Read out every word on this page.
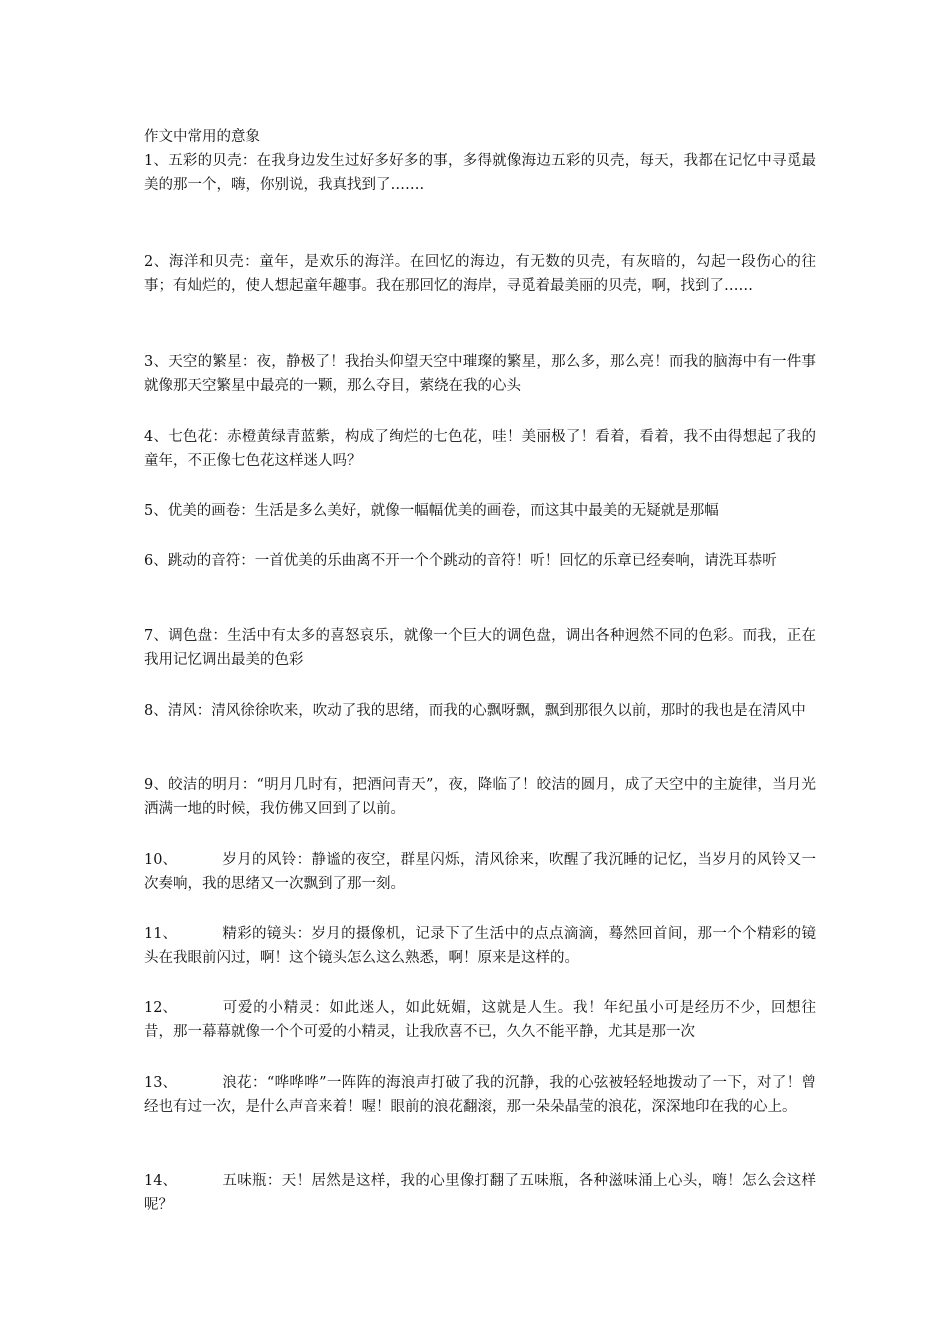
作文中常用的意象

1、五彩的贝壳：在我身边发生过好多好多的事，多得就像海边五彩的贝壳，每天，我都在记忆中寻觅最美的那一个，嗨，你别说，我真找到了…….

2、海洋和贝壳：童年，是欢乐的海洋。在回忆的海边，有无数的贝壳，有灰暗的，勾起一段伤心的往事；有灿烂的，使人想起童年趣事。我在那回忆的海岸，寻觅着最美丽的贝壳，啊，找到了……

3、天空的繁星：夜，静极了！我抬头仰望天空中璀璨的繁星，那么多，那么亮！而我的脑海中有一件事就像那天空繁星中最亮的一颗，那么夺目，萦绕在我的心头

4、七色花：赤橙黄绿青蓝紫，构成了绚烂的七色花，哇！美丽极了！看着，看着，我不由得想起了我的童年，不正像七色花这样迷人吗？

5、优美的画卷：生活是多么美好，就像一幅幅优美的画卷，而这其中最美的无疑就是那幅

6、跳动的音符：一首优美的乐曲离不开一个个跳动的音符！听！回忆的乐章已经奏响，请洗耳恭听

7、调色盘：生活中有太多的喜怒哀乐，就像一个巨大的调色盘，调出各种迥然不同的色彩。而我，正在我用记忆调出最美的色彩

8、清风：清风徐徐吹来，吹动了我的思绪，而我的心飘呀飘，飘到那很久以前，那时的我也是在清风中

9、皎洁的明月：“明月几时有，把酒问青天”，夜，降临了！皎洁的圆月，成了天空中的主旋律，当月光洒满一地的时候，我仿佛又回到了以前。

10、	岁月的风铃：静谧的夜空，群星闪烁，清风徐来，吹醒了我沉睡的记忆，当岁月的风铃又一次奏响，我的思绪又一次飘到了那一刻。

11、	精彩的镜头：岁月的摄像机，记录下了生活中的点点滴滴，蓦然回首间，那一个个精彩的镜头在我眼前闪过，啊！这个镜头怎么这么熟悉，啊！原来是这样的。

12、	可爱的小精灵：如此迷人，如此妩媚，这就是人生。我！年纪虽小可是经历不少，回想往昔，那一幕幕就像一个个可爱的小精灵，让我欣喜不已，久久不能平静，尤其是那一次

13、	浪花：“哗哗哗”一阵阵的海浪声打破了我的沉静，我的心弦被轻轻地拨动了一下，对了！曾经也有过一次，是什么声音来着！喔！眼前的浪花翻滚，那一朵朵晶莹的浪花，深深地印在我的心上。

14、	五味瓶：天！居然是这样，我的心里像打翻了五味瓶，各种滋味涌上心头，嗨！怎么会这样呢？
